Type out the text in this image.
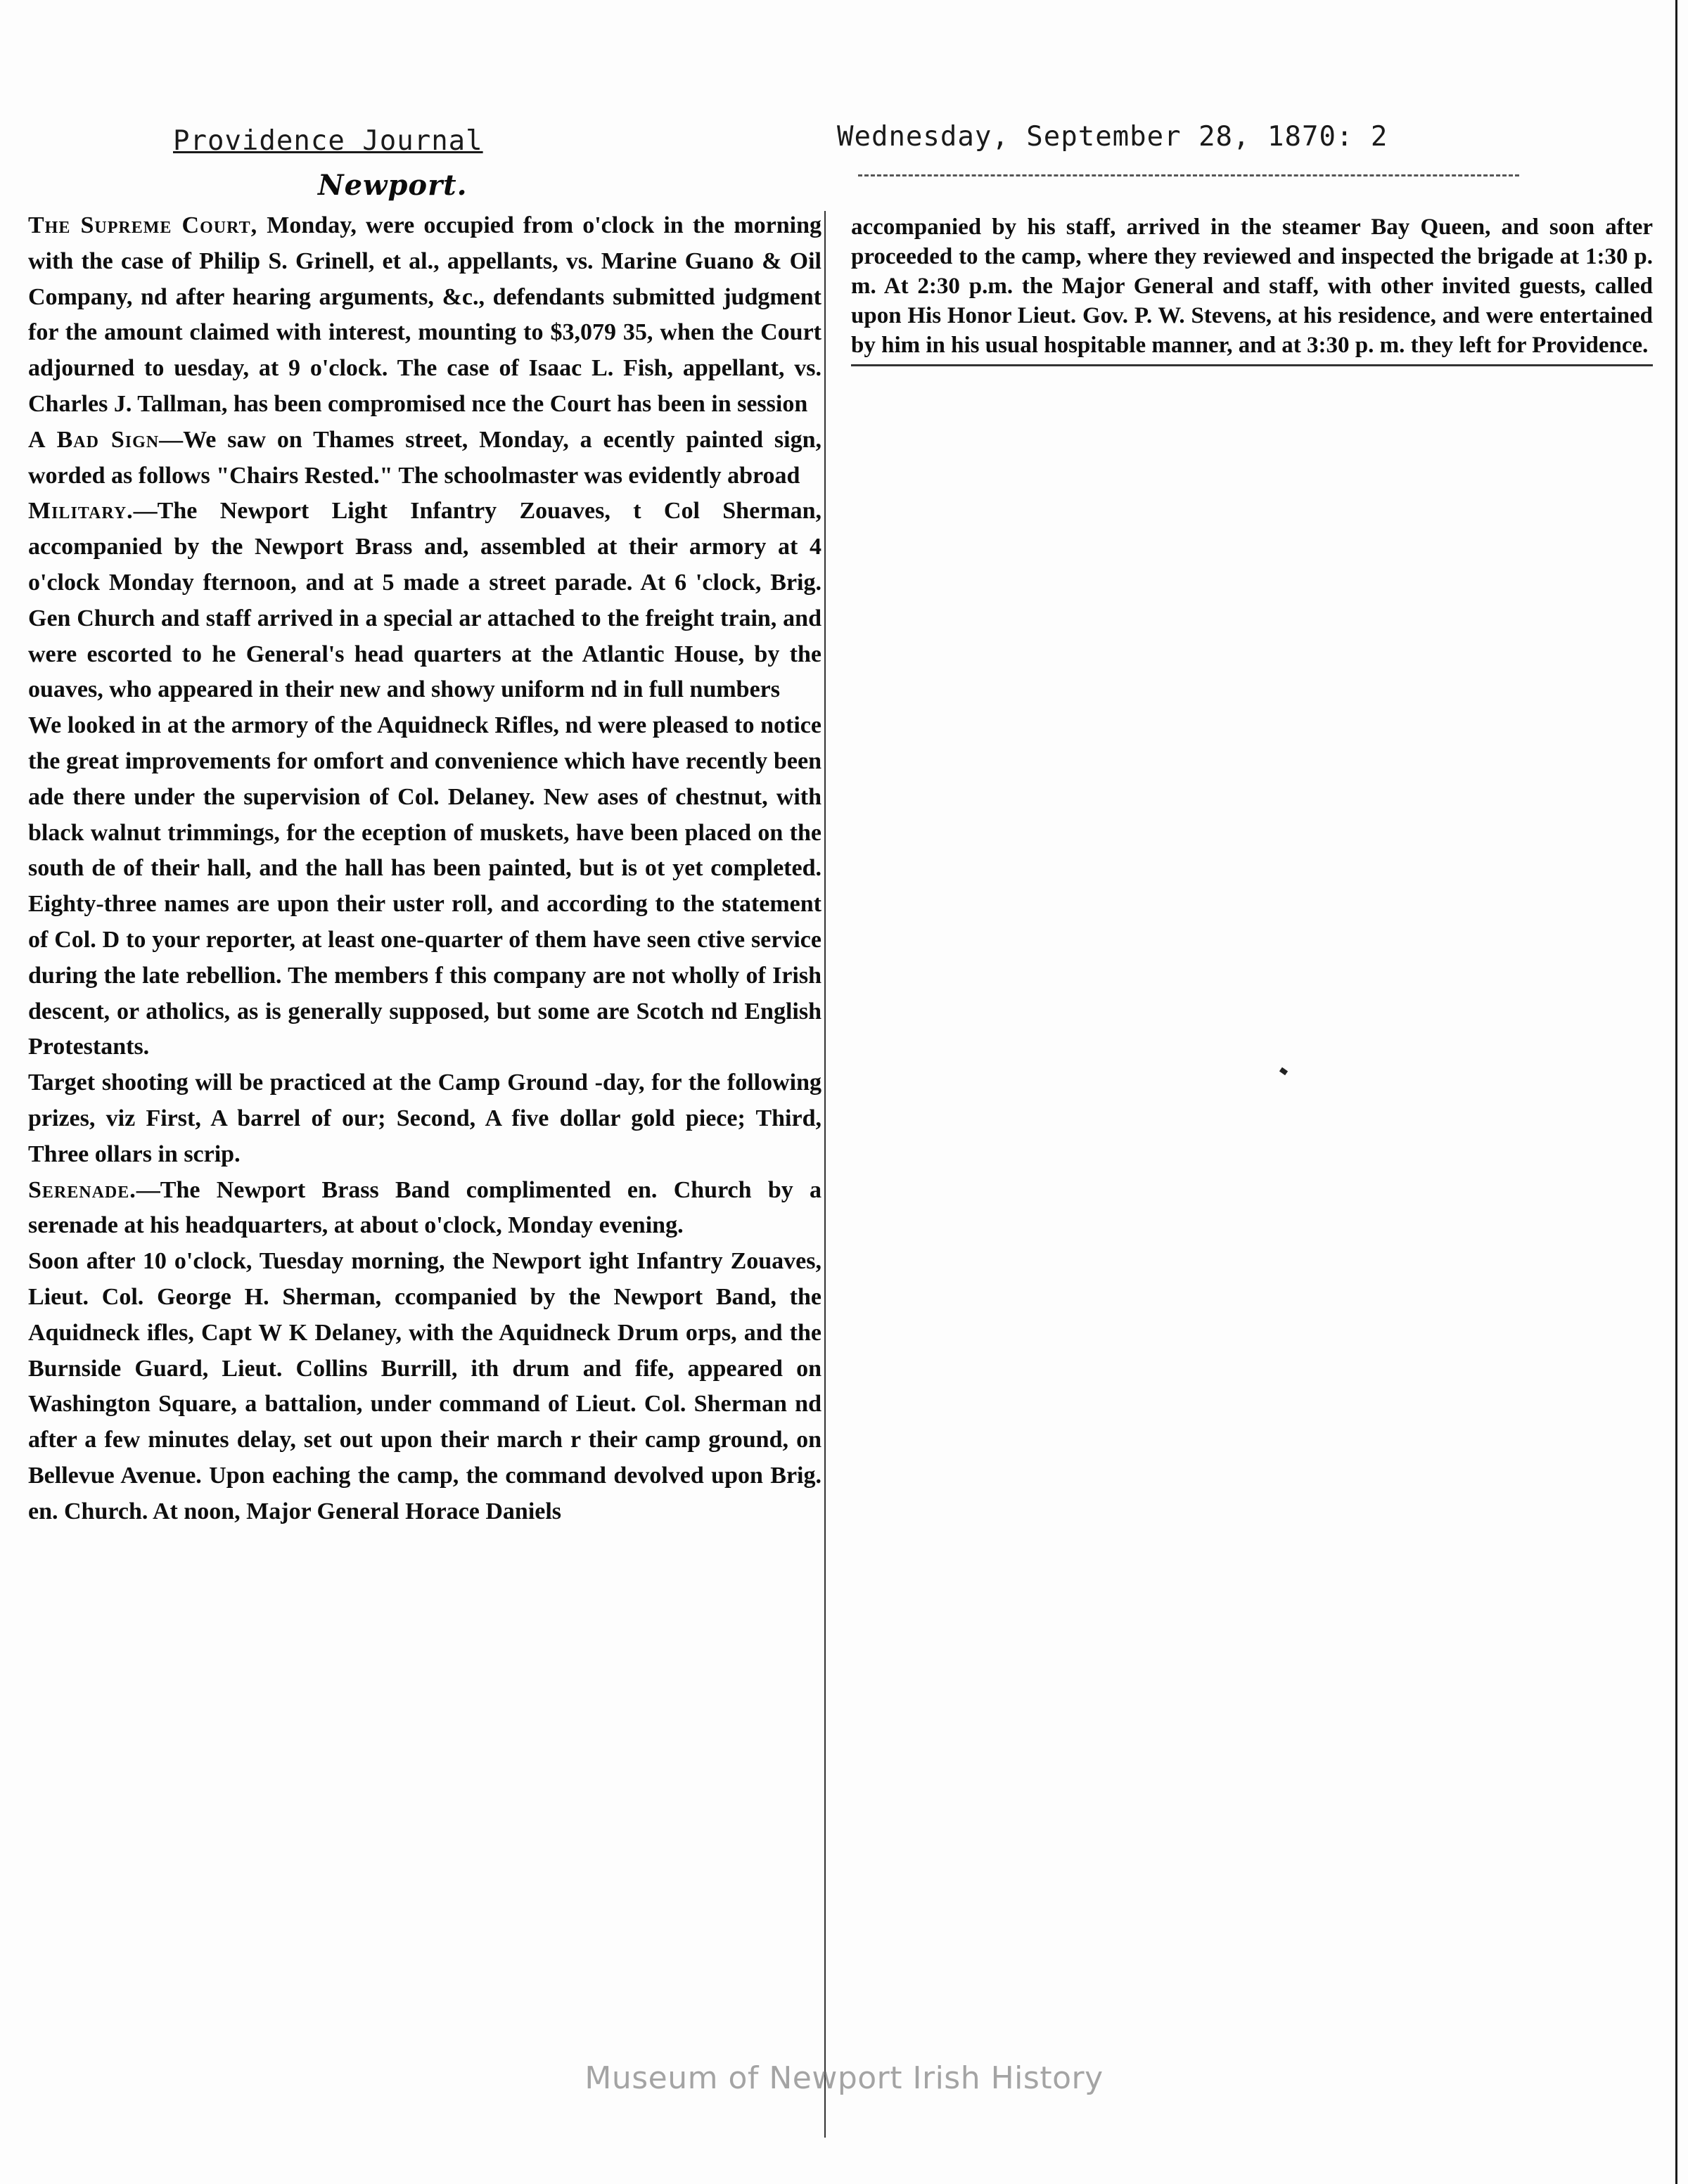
Providence Journal	Wednesday, September 28, 1870: 2
Newport.

The Supreme Court, Monday, were occupied from o'clock in the morning with the case of Philip S. Grinell, et al., appellants, vs. Marine Guano & Oil Company, nd after hearing arguments, &c., defendants submitted judgment for the amount claimed with interest, mounting to $3,079 35, when the Court adjourned to uesday, at 9 o'clock. The case of Isaac L. Fish, appellant, vs. Charles J. Tallman, has been compromised nce the Court has been in session

A Bad Sign—We saw on Thames street, Monday, a ecently painted sign, worded as follows "Chairs Rested." The schoolmaster was evidently abroad

Military.—The Newport Light Infantry Zouaves, t Col Sherman, accompanied by the Newport Brass and, assembled at their armory at 4 o'clock Monday fternoon, and at 5 made a street parade. At 6 'clock, Brig. Gen Church and staff arrived in a special ar attached to the freight train, and were escorted to he General's head quarters at the Atlantic House, by the ouaves, who appeared in their new and showy uniform nd in full numbers

We looked in at the armory of the Aquidneck Rifles, nd were pleased to notice the great improvements for omfort and convenience which have recently been ade there under the supervision of Col. Delaney. New ases of chestnut, with black walnut trimmings, for the eception of muskets, have been placed on the south de of their hall, and the hall has been painted, but is ot yet completed. Eighty-three names are upon their uster roll, and according to the statement of Col. D to your reporter, at least one-quarter of them have seen ctive service during the late rebellion. The members f this company are not wholly of Irish descent, or atholics, as is generally supposed, but some are Scotch nd English Protestants.

Target shooting will be practiced at the Camp Ground -day, for the following prizes, viz First, A barrel of our; Second, A five dollar gold piece; Third, Three ollars in scrip.

Serenade.—The Newport Brass Band complimented en. Church by a serenade at his headquarters, at about o'clock, Monday evening.

Soon after 10 o'clock, Tuesday morning, the Newport ight Infantry Zouaves, Lieut. Col. George H. Sherman, ccompanied by the Newport Band, the Aquidneck ifles, Capt W K Delaney, with the Aquidneck Drum orps, and the Burnside Guard, Lieut. Collins Burrill, ith drum and fife, appeared on Washington Square, a battalion, under command of Lieut. Col. Sherman nd after a few minutes delay, set out upon their march r their camp ground, on Bellevue Avenue. Upon eaching the camp, the command devolved upon Brig. en. Church. At noon, Major General Horace Daniels

accompanied by his staff, arrived in the steamer Bay Queen, and soon after proceeded to the camp, where they reviewed and inspected the brigade at 1:30 p. m. At 2:30 p.m. the Major General and staff, with other invited guests, called upon His Honor Lieut. Gov. P. W. Stevens, at his residence, and were entertained by him in his usual hospitable manner, and at 3:30 p. m. they left for Providence.

Museum of Newport Irish History
